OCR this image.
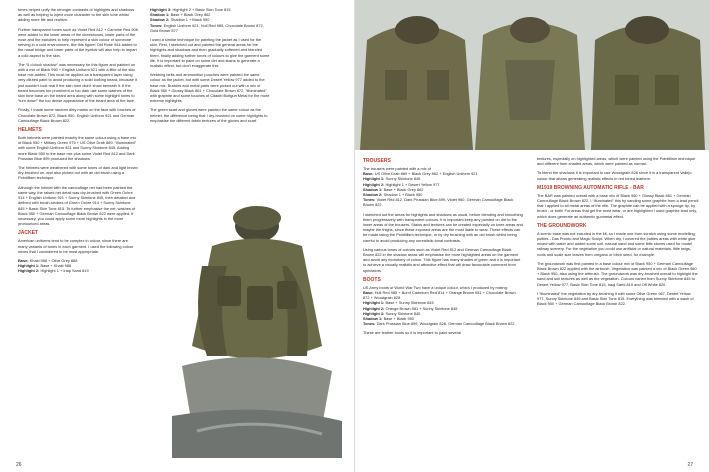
tones helped unify the stronger contrasts of highlights and shadows as well as helping to inject more character to the skin tone whilst adding more life and realism.

Further transparent tones such as Violet Red 812 + Carmine Red 908 were added to the lower areas of the cheekbones, lower parts of the nose and the earlobes to help represent a skin colour of someone serving in a cold environment, like this figure! Old Rose 944 added to the nasal bridge and lower parts of the eyelids will also help to impart a cold aspect to the skin.

The “5 o'clock shadow” was necessary for this figure and painted on with a mix of Black 950 + English Uniform 921 with a little of the skin base mix added. This must be applied as a transparent layer using very diluted paint to avoid producing a solid looking beard, because it just wouldn't look real if the skin tone didn't show beneath it. If the beard becomes too prominent or too dark use some washes of the skin tone base on the beard area along with some highlight tones to “turn down” the too dense appearance of the beard area of the face.

Finally, I made some random dirty marks on the face with touches of Chocolate Brown 872, Black 950, English Uniform 921 and German Camouflage Black Brown 822.

HELMETS

Both helmets were painted exactly the same colour using a base mix of Black 950 + Military Green 975 + US Olive Drab 889. “Illuminated” with some English Uniform 921 and Sunny Skintone 845. Adding more Black 950 to the base mix plus some Violet Red 812 and Dark Prussian Blue 899 produced the shadows.

The helmets were weathered with some tones of dark and light brown dry-brushed on, and also picked out with an old brush using a Pointillism technique.

Although the helmet with the camouflage net had been painted the same way, the raised net detail was dry-brushed with Green Ochre 914 + English Uniform 921 + Sunny Skintone 845, then detailed and defined with brush-strokes of Green Ochre 914 + Sunny Skintone 845 + Basic Skin Tone 815. To further emphasise the net, washes of Black 950 + German Camouflage Black Brown 822 were applied. If necessary, you could apply some more highlights in the more pronounced areas.

JACKET

American uniforms tend to be complex in colour, since there are many variants of tones in each garment. I used the following colour mixes that I considered to be most appropriate.

Base: Khaki 988 + Olive Grey 888
Highlight 1: Base + Khaki 988
Highlight 2: Highlight 1 + Iraqi Sand 819
Highlight 3: Highlight 2 + Basic Skin Tone 815
Shadow 1: Base + Black Grey 862
Shadow 2: Shadow 1 + Black 950
Tones: English Uniform 921, Hull Red 985, Chocolate Brown 872, Gold Brown 877

I used a similar technique for painting the jacket as I used for the skin. First, I sketched out and painted the general areas for the highlights and shadows and then gradually softened and blended them, finally adding further tones of colours to give the garment some life. It is important to paint on some dirt and stains to generate a realistic effect, but don't exaggerate this.

Webbing belts and ammunition pouches were painted the same colour as the jacket, but with some Desert Yellow 977 added to the base mix. Buckles and metal parts were picked out with a mix of Black 950 + Glossy Black 861 + Chocolate Brown 872, “illuminated” with graphite and some touches of Citadel Boltgun Metal for the more extreme highlights.

The green scarf and gloves were painted the same colour as the helmet, the difference being that I dry-brushed on some highlights to emphasise the different fabric textures of the gloves and scarf.

26
TROUSERS
The trousers were painted with a mix of
Base: US Olive Drab 889 + Black Grey 862 + English Uniform 921
Highlight 1: Sunny Skintone 845
Highlight 2: Highlight 1 + Desert Yellow 977
Shadow 1: Base + Black Grey 862
Shadow 2: Shadow 1 + Black 950
Tones: Violet Red 812, Dark Prussian Blue 899, Violet 960, German Camouflage Black Brown 822.

I sketched out the areas for highlights and shadows as usual, before blending and smoothing them progressively with transparent colours. It is important keep any painted on dirt to the lower areas of the trousers. Stains and textures can be created especially on knee areas and maybe the thighs, since these exposed areas are the most liable to wear. These effects can be made using the Pointillism technique, or by dry brushing with an old brush whilst being careful to avoid producing any unrealistic tonal contrasts.

Using various tones of colours such as Violet Red 812 and German Camouflage Black Brown 822 in the shadow areas will emphasise the more highlighted areas on the garment and avoid any monotony of colour. This figure has many shades of green and it is important to achieve a visually realistic and attractive effect that will draw favourable comment from spectators.

BOOTS
US Army boots of World War Two have a unique colour, which I produced by mixing:
Base: Hull Red 985 + Burnt Cadmium Red 814 + Orange Brown 981 + Chocolate Brown 872 + Woodgrain 828
Highlight 1: Base + Sunny Skintone 845
Highlight 2: Orange Brown 981 + Sunny Skintone 845
Highlight 3: Sunny Skintone 845
Shadow 1: Base + Black 950
Tones: Dark Prussian Blue 899, Woodgrain 828, German Camouflage Black Brown 822.

These are leather boots so it is important to paint several

textures, especially on highlighted areas, which were painted using the Pointillism technique and different from shaded areas, which were painted as normal.

To blend the shadows it is important to use Woodgrain 828 since it is a transparent Vallejo colour that allows generating realistic effects in red toned leathers.

M1919 BROWNING AUTOMATIC RIFLE - BAR

The BAR was painted overall with a base mix of Black 950 + Glossy Black 861 + German Camouflage Black Brown 822. I “illuminated” this by sanding some graphite from a lead pencil that I applied to all metal areas of the rifle. The graphite can be applied with a sponge tip, by brush - or both! For areas that get the most wear, or are highlighted I used graphite lead only, which does generate an authentic gunmetal effect.

THE GROUNDWORK

A scenic base was not included in the kit, so I made one from scratch using some modelling putties - Das Pronto and Magic Sculpt. When dry, I covered the putties areas with white glue mixed with water and added some soil, natural sand and some little stones used for model railway scenery. For the vegetation you could use artificial or natural materials, little twigs, roots and scale size leaves from oregano or birch seed, for example.

The groundwork was first painted in a base colour mix of Black 950 + German Camouflage Black Brown 822 applied with the airbrush. Vegetation was painted a mix of Black Green 980 + Black 950, also using the airbrush. The groundwork was dry-brushed overall to highlight the sand and soil textures as well as the vegetation. Colours varied from Sunny Skintone 845 to Desert Yellow 977, Basic Skin Tone 815, Iraqi Sand 819 and Off White 820.

I “illuminated” the vegetation by dry-brushing it with some Olive Green 967, Desert Yellow 977, Sunny Skintone 845 and Basic Skin Tone 815. Everything was blended with a wash of Black 950 + German Camouflage Black Brown 822.

27
